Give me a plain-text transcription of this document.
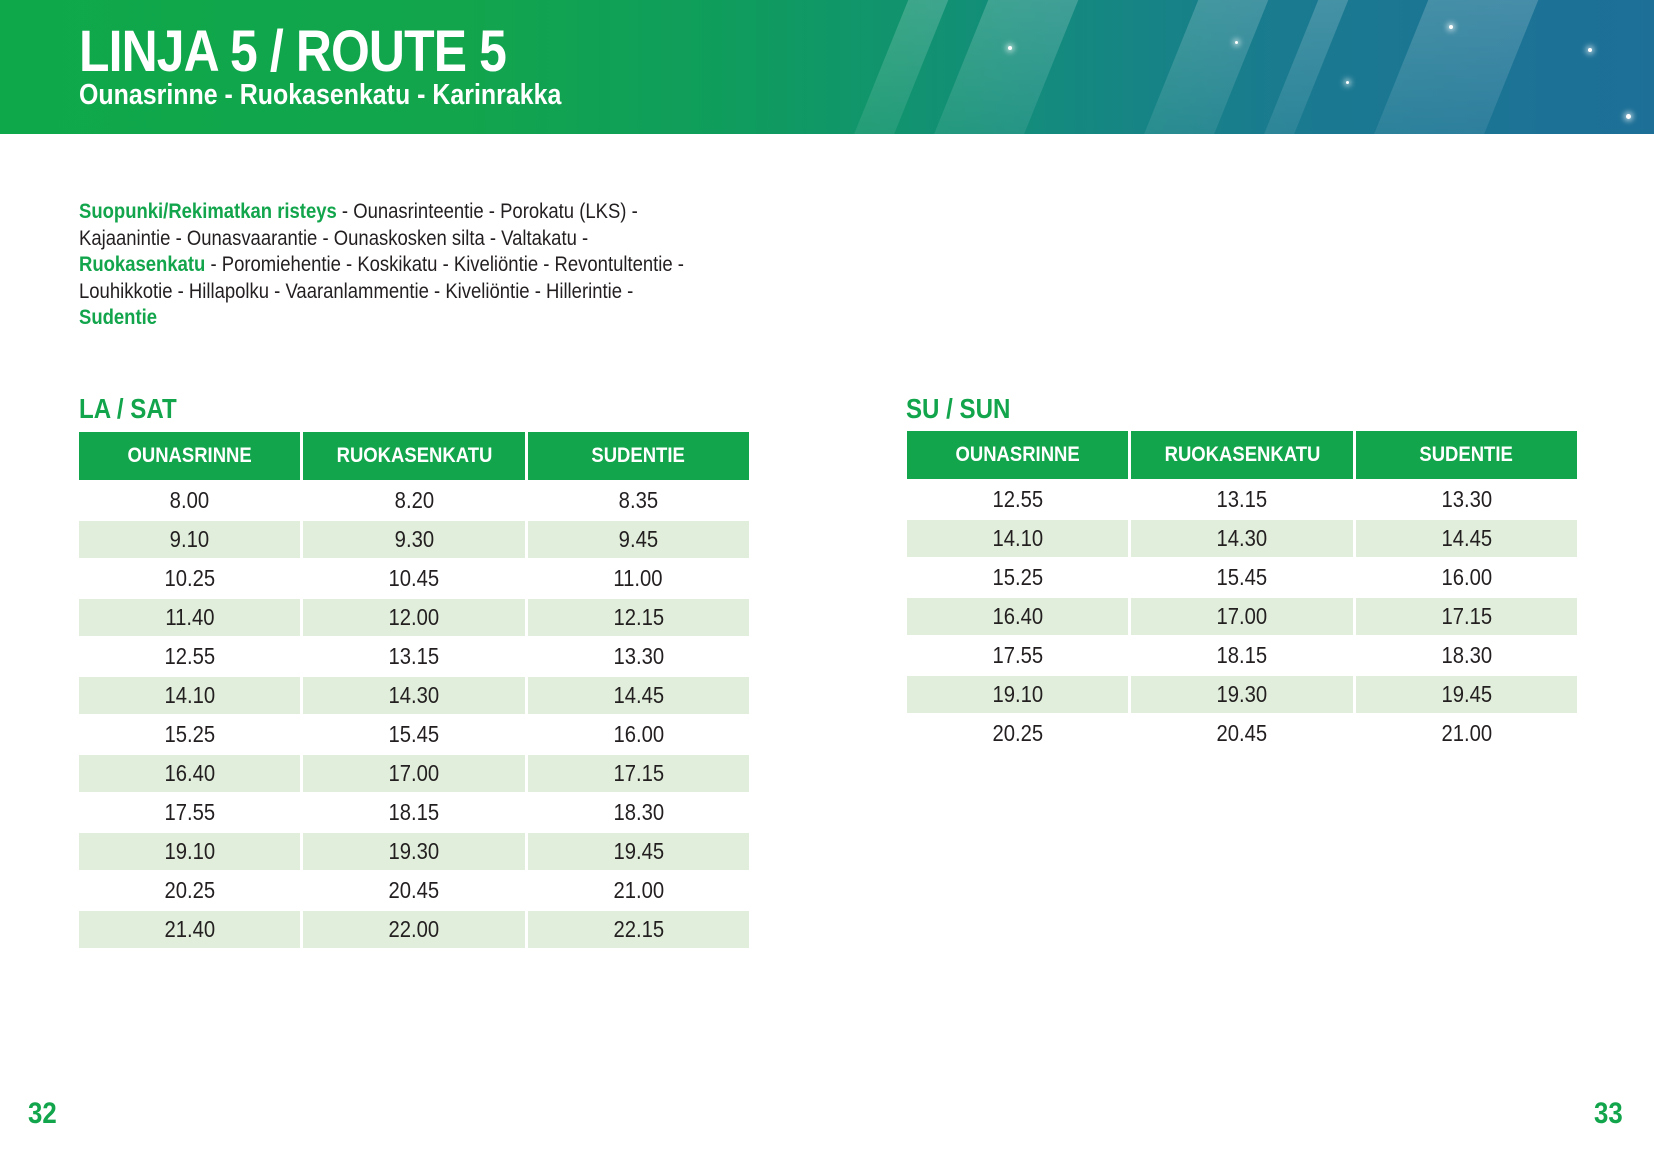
LINJA 5 / ROUTE 5
Ounasrinne - Ruokasenkatu - Karinrakka

Suopunki/Rekimatkan risteys - Ounasrinteentie - Porokatu (LKS) -
Kajaanintie - Ounasvaarantie - Ounaskosken silta - Valtakatu -
Ruokasenkatu - Poromiehentie - Koskikatu - Kiveliöntie - Revontultentie -
Louhikkotie - Hillapolku - Vaaranlammentie - Kiveliöntie - Hillerintie -
Sudentie

LA / SAT
OUNASRINNE	RUOKASENKATU	SUDENTIE
8.00	8.20	8.35
9.10	9.30	9.45
10.25	10.45	11.00
11.40	12.00	12.15
12.55	13.15	13.30
14.10	14.30	14.45
15.25	15.45	16.00
16.40	17.00	17.15
17.55	18.15	18.30
19.10	19.30	19.45
20.25	20.45	21.00
21.40	22.00	22.15
SU / SUN
OUNASRINNE	RUOKASENKATU	SUDENTIE
12.55	13.15	13.30
14.10	14.30	14.45
15.25	15.45	16.00
16.40	17.00	17.15
17.55	18.15	18.30
19.10	19.30	19.45
20.25	20.45	21.00

32	33
